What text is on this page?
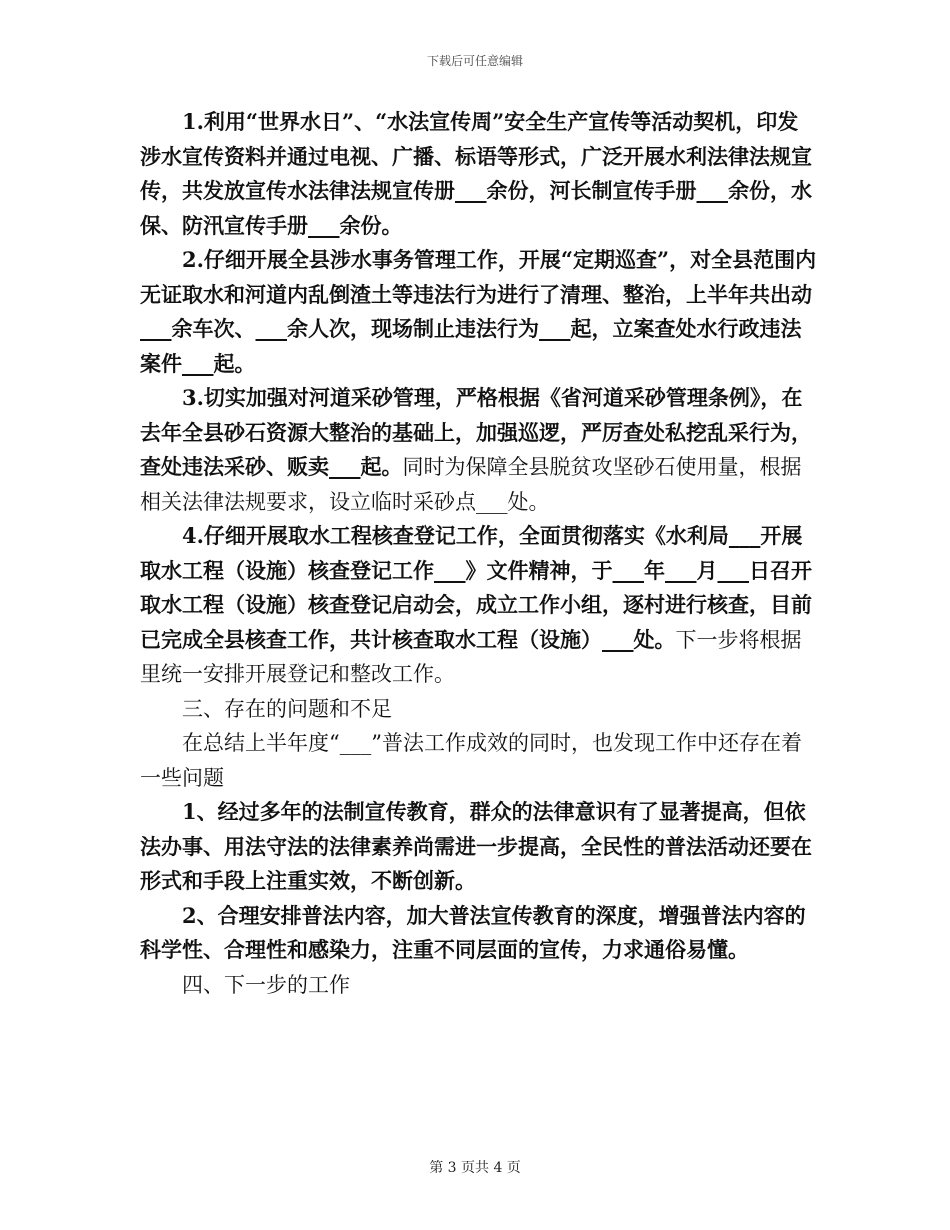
下载后可任意编辑

1.利用“世界水日”、“水法宣传周”安全生产宣传等活动契机，印发涉水宣传资料并通过电视、广播、标语等形式，广泛开展水利法律法规宣传，共发放宣传水法律法规宣传册___余份，河长制宣传手册___余份，水保、防汛宣传手册___余份。

2.仔细开展全县涉水事务管理工作，开展“定期巡查”，对全县范围内无证取水和河道内乱倒渣土等违法行为进行了清理、整治，上半年共出动___余车次、___余人次，现场制止违法行为___起，立案查处水行政违法案件___起。

3.切实加强对河道采砂管理，严格根据《省河道采砂管理条例》，在去年全县砂石资源大整治的基础上，加强巡逻，严厉查处私挖乱采行为，查处违法采砂、贩卖___起。同时为保障全县脱贫攻坚砂石使用量，根据相关法律法规要求，设立临时采砂点___处。

4.仔细开展取水工程核查登记工作，全面贯彻落实《水利局___开展取水工程（设施）核查登记工作___》文件精神，于___年___月___日召开取水工程（设施）核查登记启动会，成立工作小组，逐村进行核查，目前已完成全县核查工作，共计核查取水工程（设施）___处。下一步将根据里统一安排开展登记和整改工作。

三、存在的问题和不足

在总结上半年度“___”普法工作成效的同时，也发现工作中还存在着一些问题

1、经过多年的法制宣传教育，群众的法律意识有了显著提高，但依法办事、用法守法的法律素养尚需进一步提高，全民性的普法活动还要在形式和手段上注重实效，不断创新。

2、合理安排普法内容，加大普法宣传教育的深度，增强普法内容的科学性、合理性和感染力，注重不同层面的宣传，力求通俗易懂。

四、下一步的工作

第 3 页共 4 页
